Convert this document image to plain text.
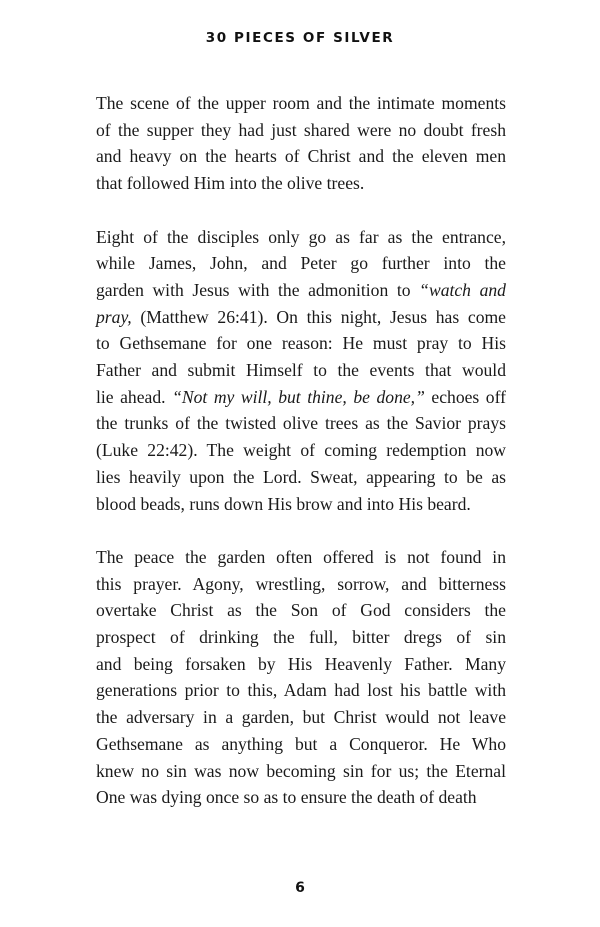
30 PIECES OF SILVER

The scene of the upper room and the intimate moments
of the supper they had just shared were no doubt fresh
and heavy on the hearts of Christ and the eleven men
that followed Him into the olive trees.

Eight of the disciples only go as far as the entrance,
while James, John, and Peter go further into the
garden with Jesus with the admonition to “watch and
pray, (Matthew 26:41). On this night, Jesus has come
to Gethsemane for one reason: He must pray to His
Father and submit Himself to the events that would
lie ahead. “Not my will, but thine, be done,” echoes off
the trunks of the twisted olive trees as the Savior prays
(Luke 22:42). The weight of coming redemption now
lies heavily upon the Lord. Sweat, appearing to be as
blood beads, runs down His brow and into His beard.

The peace the garden often offered is not found in
this prayer. Agony, wrestling, sorrow, and bitterness
overtake Christ as the Son of God considers the
prospect of drinking the full, bitter dregs of sin
and being forsaken by His Heavenly Father. Many
generations prior to this, Adam had lost his battle with
the adversary in a garden, but Christ would not leave
Gethsemane as anything but a Conqueror. He Who
knew no sin was now becoming sin for us; the Eternal
One was dying once so as to ensure the death of death

6
